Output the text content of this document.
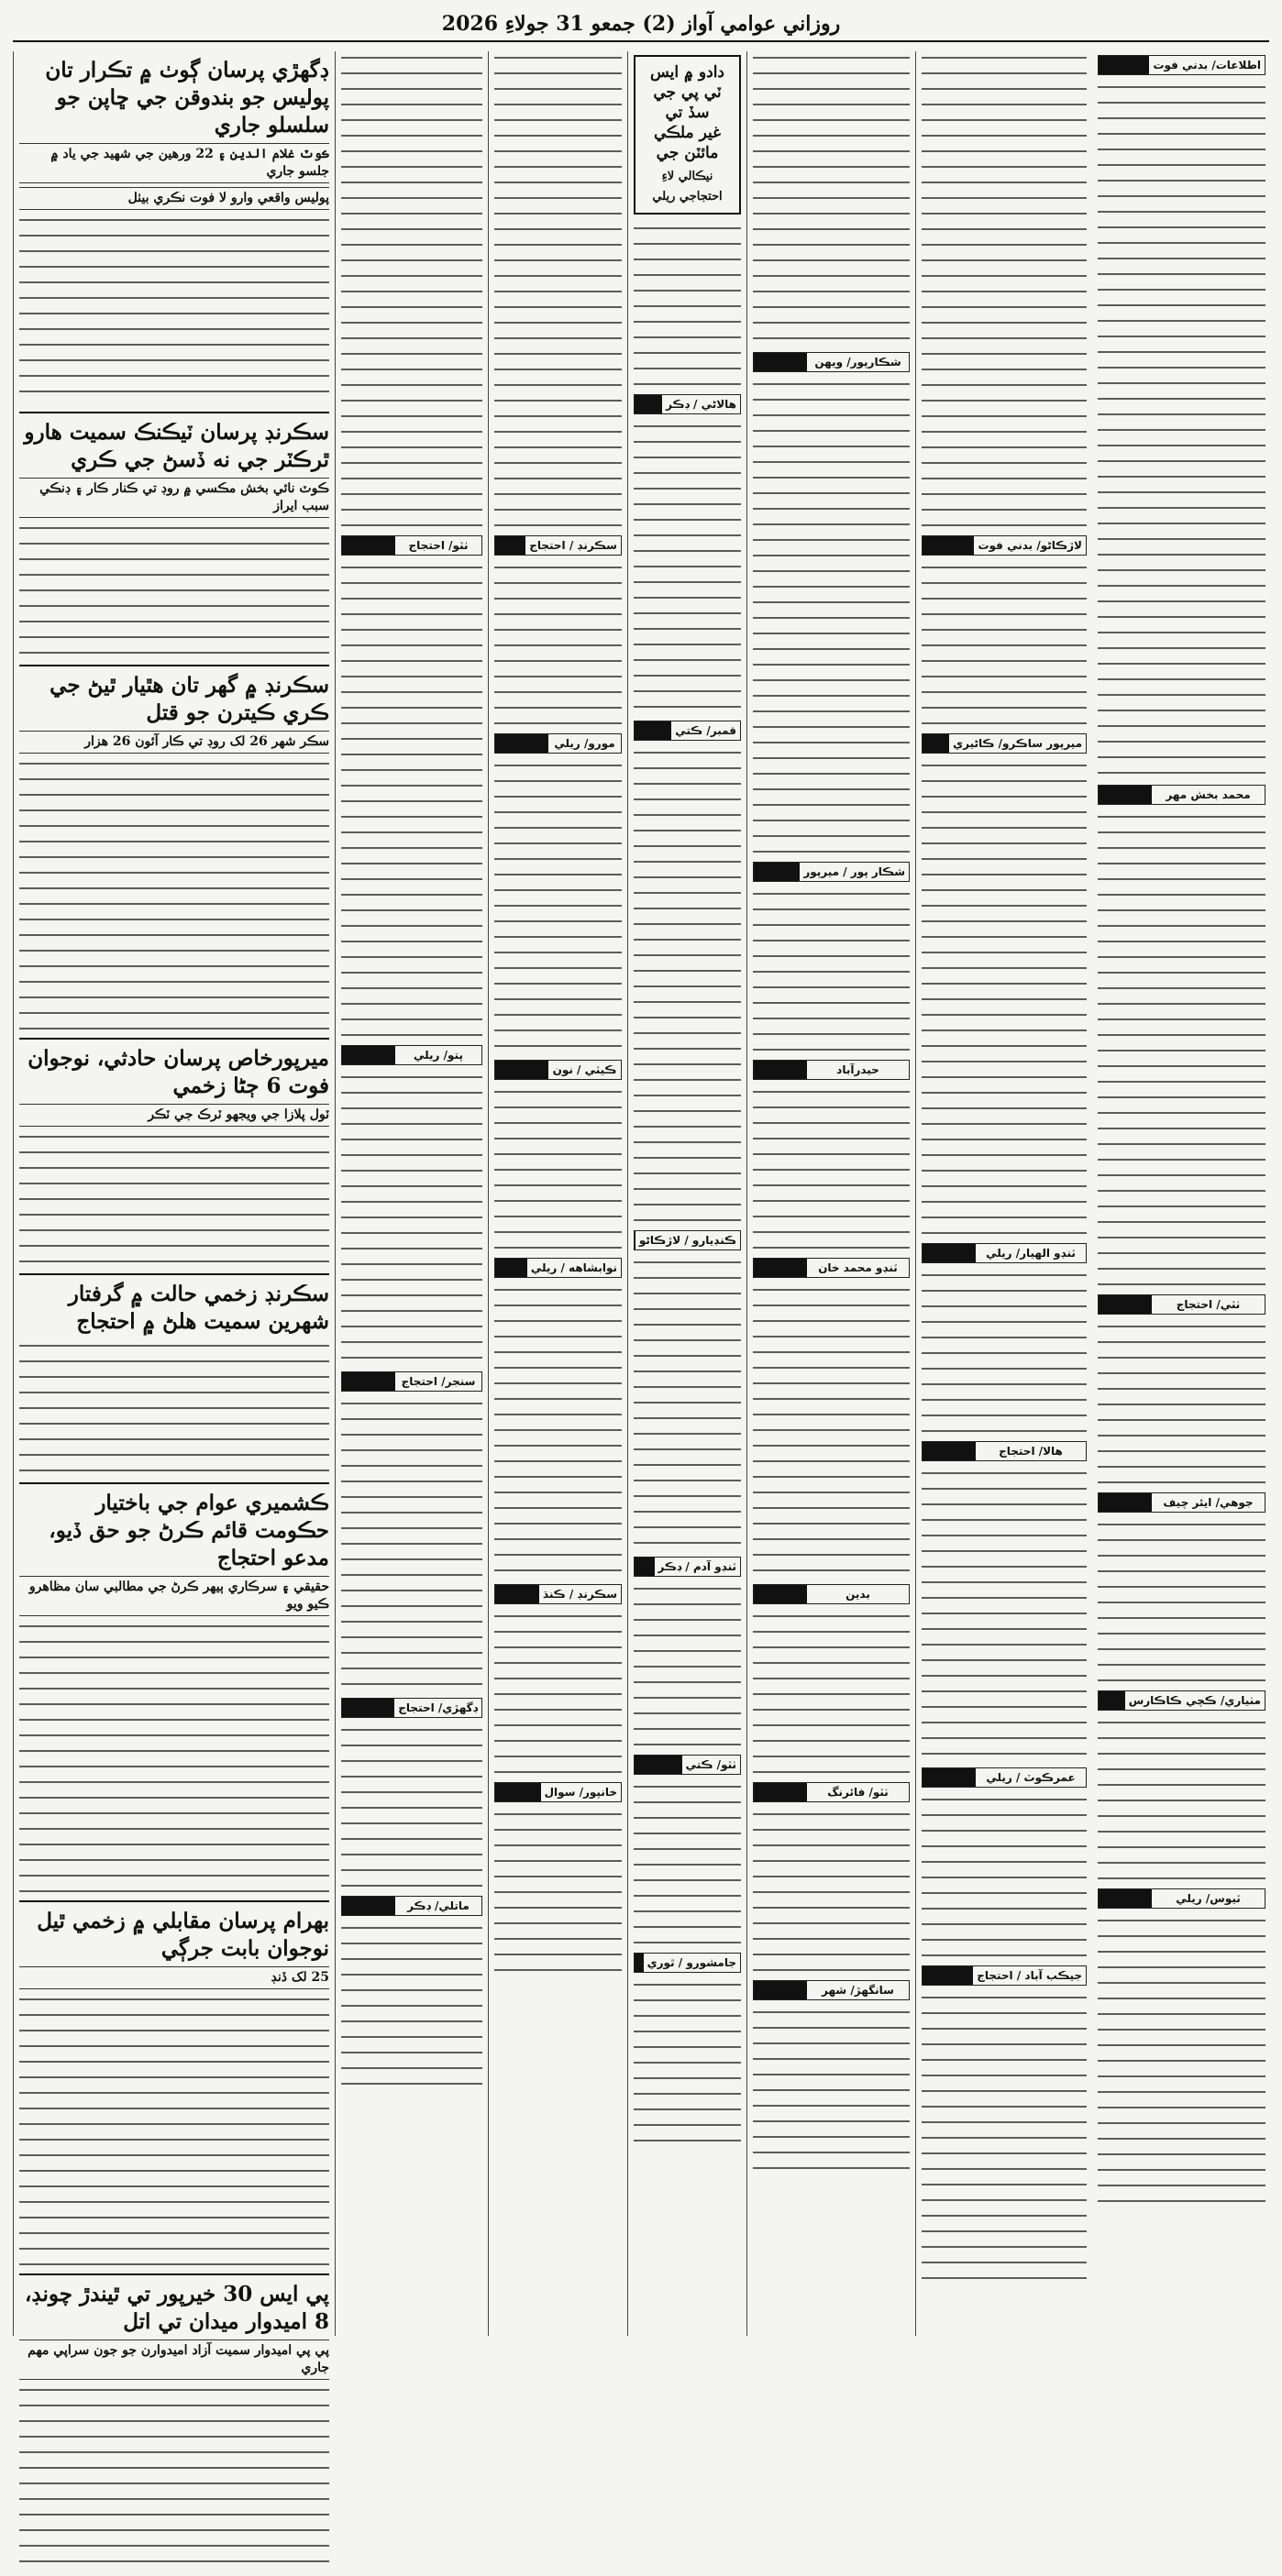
روزاني عوامي آواز (2) جمعو 31 جولاءِ 2026
اطلاعات/ بدني فوت
محمد بخش مهر
ٺٽي/ احتجاج
جوهي/ ايئر چيف
مٺياري/ ڪچي ڪاڪارس
ٽيوس/ ريلي
لاڙڪاڻو/ بدني فوت
ميرپور ساڪرو/ ڪاڻيري
ٽنڊو الهيار/ ريلي
هالا/ احتجاج
عمرڪوٽ / ريلي
جيڪب آباد / احتجاج
شڪارپور/ ويھن
شڪار پور / ميرپور
حيدرآباد
ٽنڊو محمد خان
بدين
ٺٽو/ فائرنگ
سانگهڙ/ شهر
دادو ۾ ايس ٽي پي جي سڏ تي
غير ملڪي مائٽن جي
نيڪالي لاءِ احتجاجي ريلي
هالاڻي / ڊڪر
قمبر/ ڪتي
ڪنڊيارو / لاڙڪاڻو
ٽنڊو آدم / ڊڪر
ٺٽو/ ڪتي
جامشورو / ٿوري
سڪرنڊ / احتجاج
مورو/ ريلي
ڪيٽي / نون
نوابشاهه / ريلي
سڪرنڊ / ڪنڌ
خانپور/ سوال
ٺٽو/ احتجاج
پتو/ ريلي
سنجر/ احتجاج
ڊگهڙي/ احتجاج
ماتلي/ ڊڪر
ڊگهڙي پرسان ڳوٺ ۾ تڪرار تان پوليس جو بندوقن جي ڇاپن جو سلسلو جاري
ڪوٽ غلام الدين ۽ 22 ورهين جي شهيد جي ياد ۾ جلسو جاري
پوليس واقعي وارو لا فوت نڪري بيٺل
سڪرنڊ پرسان ٽيڪنڪ سميت هارو ٿرڪٽر جي نه ڏسڻ جي ڪري
ڪوٽ نائي بخش مڪسي ۾ روڊ تي ڪنار ڪار ۽ ڊنڪي سبب ايراز
سڪرنڊ ۾ گهر تان هٿيار ٿيڻ جي ڪري ڪيترن جو قتل
سڪر شهر 26 لک روڊ تي ڪار آئون 26 هزار
ميرپورخاص پرسان حادثي، نوجوان فوت 6 ڄڻا زخمي
ٽول پلازا جي ويجهو ٽرڪ جي ٽڪر
سڪرنڊ زخمي حالت ۾ گرفتار شهرين سميت هلڻ ۾ احتجاج
ڪشميري عوام جي باختيار حڪومت قائم ڪرڻ جو حق ڏيو، مدعو احتجاج
حقيقي ۽ سرڪاري ٻيهر ڪرڻ جي مطالبي سان مظاهرو ڪيو ويو
بهرام پرسان مقابلي ۾ زخمي ٿيل نوجوان بابت جرڳي
25 لک ڏنڊ
پي ايس 30 خيرپور تي ٿيندڙ چونڊ، 8 اميدوار ميدان تي اتل
پي پي اميدوار سميت آزاد اميدوارن جو جون سراپي مهم جاري
